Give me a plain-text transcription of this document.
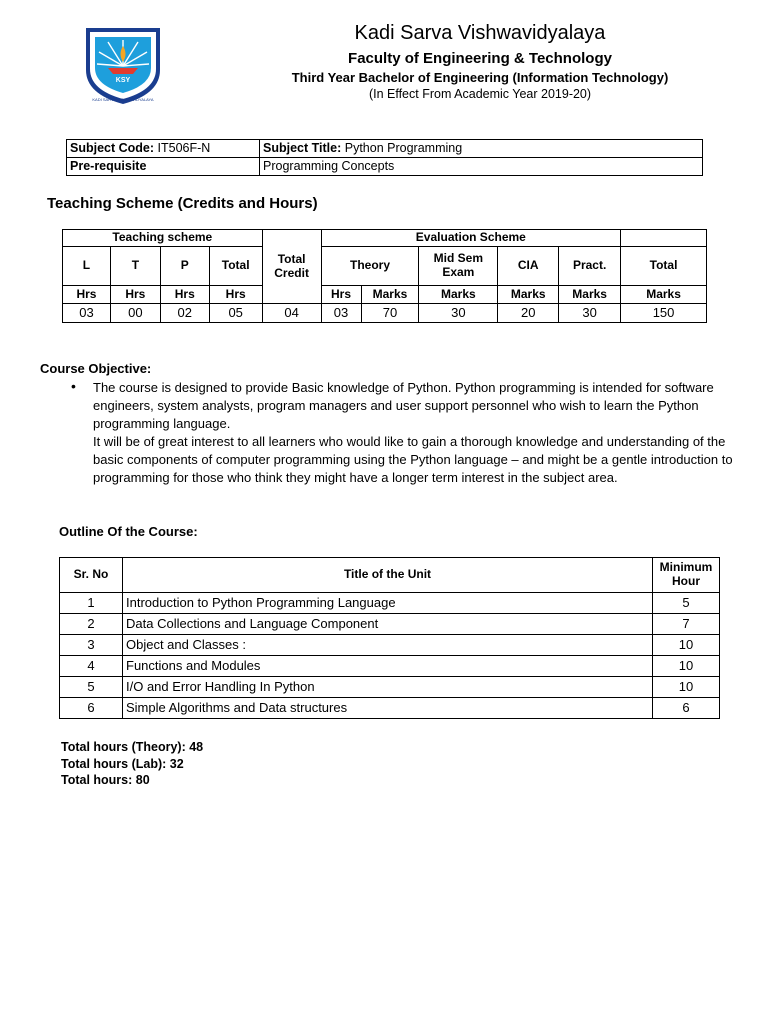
KSY
KADI SARVA VISHWAVIDYALAYA
Kadi Sarva Vishwavidyalaya
Faculty of Engineering & Technology
Third Year Bachelor of Engineering (Information Technology)
(In Effect From Academic Year 2019-20)
Subject Code: IT506F-N	Subject Title: Python Programming
Pre-requisite	Programming Concepts
Teaching Scheme (Credits and Hours)
Teaching scheme				Total Credit	Evaluation Scheme					
L	T	P	Total		Theory		Mid Sem Exam	CIA	Pract.	Total
Hrs	Hrs	Hrs	Hrs		Hrs	Marks	Marks	Marks	Marks	Marks
03	00	02	05	04	03	70	30	20	30	150
Course Objective:
• The course is designed to provide Basic knowledge of Python. Python programming is intended for software engineers, system analysts, program managers and user support personnel who wish to learn the Python programming language.
It will be of great interest to all learners who would like to gain a thorough knowledge and understanding of the basic components of computer programming using the Python language – and might be a gentle introduction to programming for those who think they might have a longer term interest in the subject area.
Outline Of the Course:
Sr. No	Title of the Unit	Minimum Hour
1	Introduction to Python Programming Language	5
2	Data Collections and Language Component	7
3	Object and Classes :	10
4	Functions and Modules	10
5	I/O and Error Handling In Python	10
6	Simple Algorithms and Data structures	6
Total hours (Theory): 48
Total hours (Lab): 32
Total hours: 80
